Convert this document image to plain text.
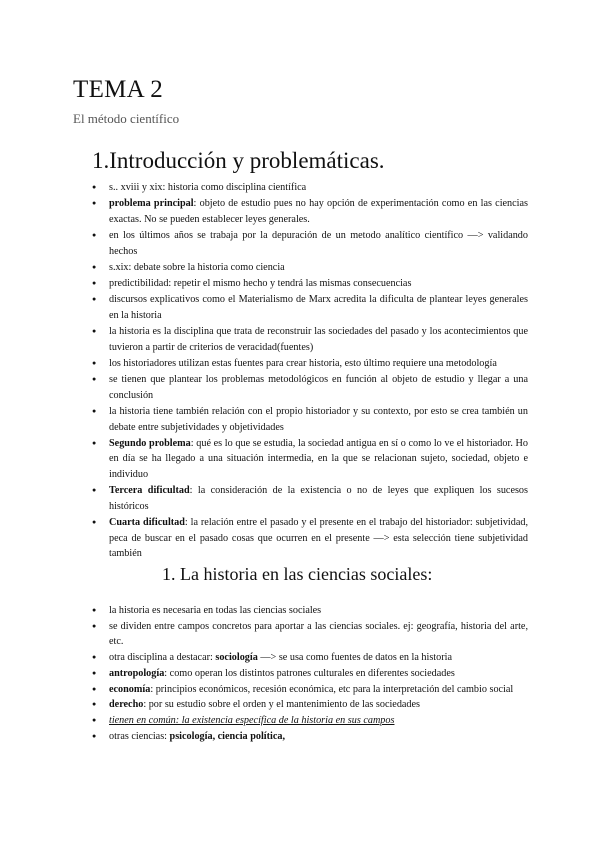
TEMA 2

El método científico

1.Introducción y problemáticas.
● s.. xviii y xix: historia como disciplina científica
● problema principal: objeto de estudio pues no hay opción de experimentación como en las ciencias exactas. No se pueden establecer leyes generales.
● en los últimos años se trabaja por la depuración de un metodo analítico científico —> validando hechos
● s.xix: debate sobre la historia como ciencia
● predictibilidad: repetir el mismo hecho y tendrá las mismas consecuencias
● discursos explicativos como el Materialismo de Marx acredita la dificulta de plantear leyes generales en la historia
● la historia es la disciplina que trata de reconstruir las sociedades del pasado y los acontecimientos que tuvieron a partir de criterios de veracidad(fuentes)
● los historiadores utilizan estas fuentes para crear historia, esto último requiere una metodología
● se tienen que plantear los problemas metodológicos en función al objeto de estudio y llegar a una conclusión
● la historia tiene también relación con el propio historiador y su contexto, por esto se crea también un debate entre subjetividades y objetividades
● Segundo problema: qué es lo que se estudia, la sociedad antigua en sí o como lo ve el historiador. Ho en día se ha llegado a una situación intermedia, en la que se relacionan sujeto, sociedad, objeto e individuo
● Tercera dificultad: la consideración de la existencia o no de leyes que expliquen los sucesos históricos
● Cuarta dificultad: la relación entre el pasado y el presente en el trabajo del historiador: subjetividad, peca de buscar en el pasado cosas que ocurren en el presente —> esta selección tiene subjetividad también
1. La historia en las ciencias sociales:
● la historia es necesaria en todas las ciencias sociales
● se dividen entre campos concretos para aportar a las ciencias sociales. ej: geografía, historia del arte, etc.
● otra disciplina a destacar: sociología —> se usa como fuentes de datos en la historia
● antropología: como operan los distintos patrones culturales en diferentes sociedades
● economía: principios económicos, recesión económica, etc para la interpretación del cambio social
● derecho: por su estudio sobre el orden y el mantenimiento de las sociedades
● tienen en común: la existencia específica de la historia en sus campos
● otras ciencias: psicología, ciencia política,
